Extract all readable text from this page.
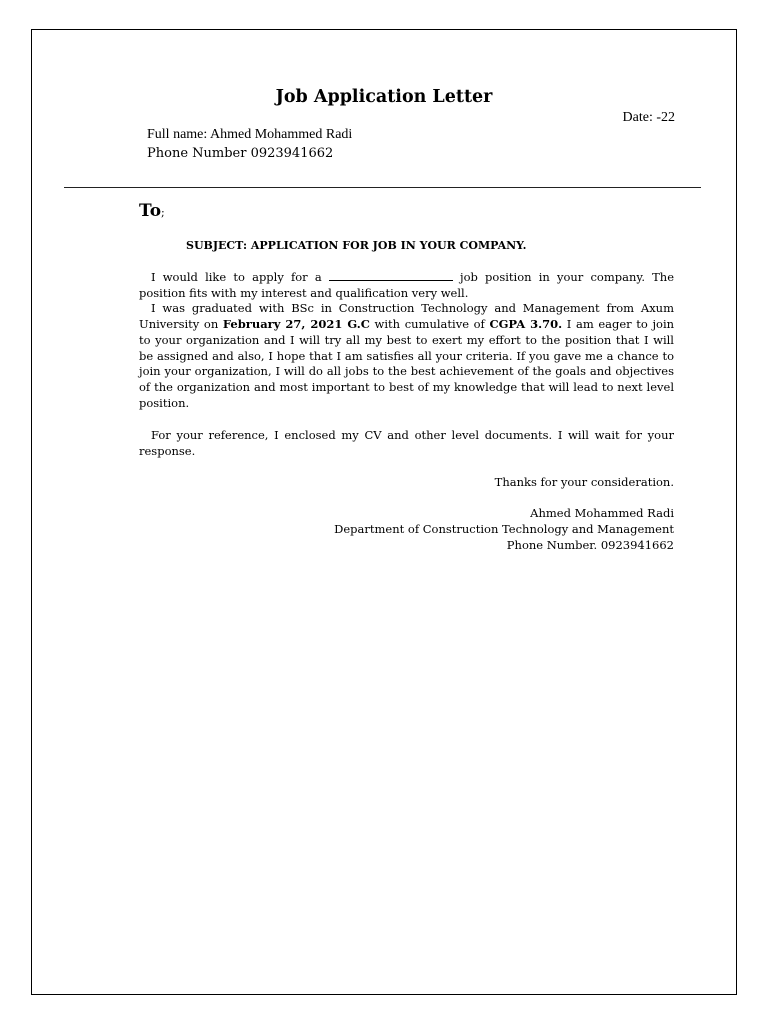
Job Application Letter
Date: -22
Full name: Ahmed Mohammed Radi
Phone Number 0923941662
To;
SUBJECT: APPLICATION FOR JOB IN YOUR COMPANY.

I would like to apply for a	job position in your company. The position fits with my interest and qualification very well.

I was graduated with BSc in Construction Technology and Management from Axum University on February 27, 2021 G.C with cumulative of CGPA 3.70. I am eager to join to your organization and I will try all my best to exert my effort to the position that I will be assigned and also, I hope that I am satisfies all your criteria. If you gave me a chance to join your organization, I will do all jobs to the best achievement of the goals and objectives of the organization and most important to best of my knowledge that will lead to next level position.

For your reference, I enclosed my CV and other level documents. I will wait for your response.

Thanks for your consideration.
Ahmed Mohammed Radi
Department of Construction Technology and Management
Phone Number. 0923941662
